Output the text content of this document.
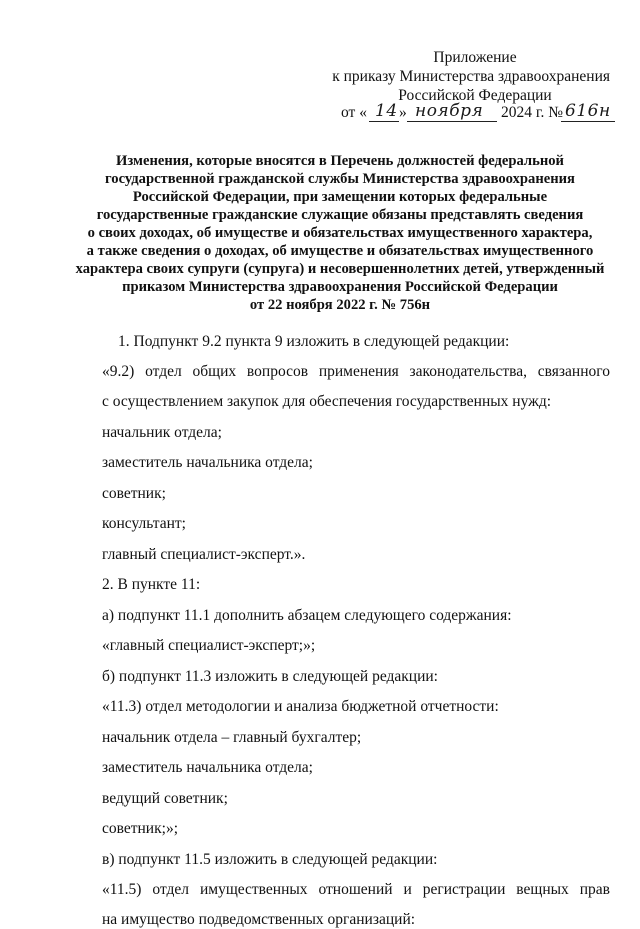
Приложение
к приказу Министерства здравоохранения
Российской Федерации
от « 14 » ноября 2024 г. № 616н
Изменения, которые вносятся в Перечень должностей федеральной
государственной гражданской службы Министерства здравоохранения
Российской Федерации, при замещении которых федеральные
государственные гражданские служащие обязаны представлять сведения
о своих доходах, об имуществе и обязательствах имущественного характера,
а также сведения о доходах, об имуществе и обязательствах имущественного
характера своих супруги (супруга) и несовершеннолетних детей, утвержденный
приказом Министерства здравоохранения Российской Федерации
от 22 ноября 2022 г. № 756н
1. Подпункт 9.2 пункта 9 изложить в следующей редакции:
«9.2) отдел общих вопросов применения законодательства, связанного
с осуществлением закупок для обеспечения государственных нужд:
начальник отдела;
заместитель начальника отдела;
советник;
консультант;
главный специалист-эксперт.».
2. В пункте 11:
а) подпункт 11.1 дополнить абзацем следующего содержания:
«главный специалист-эксперт;»;
б) подпункт 11.3 изложить в следующей редакции:
«11.3) отдел методологии и анализа бюджетной отчетности:
начальник отдела – главный бухгалтер;
заместитель начальника отдела;
ведущий советник;
советник;»;
в) подпункт 11.5 изложить в следующей редакции:
«11.5) отдел имущественных отношений и регистрации вещных прав
на имущество подведомственных организаций:
